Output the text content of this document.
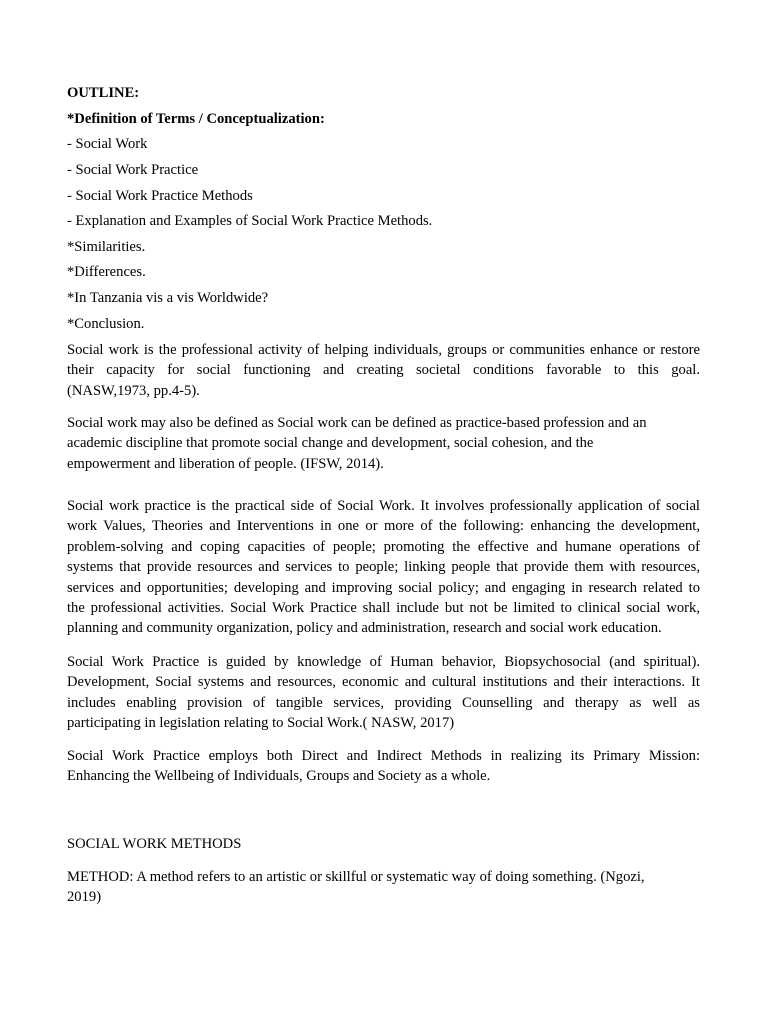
OUTLINE:
*Definition of Terms / Conceptualization:
- Social Work
- Social Work Practice
- Social Work Practice Methods
- Explanation and Examples of Social Work Practice Methods.
*Similarities.
*Differences.
*In Tanzania vis a vis Worldwide?
*Conclusion.
Social work is the professional activity of helping individuals, groups or communities enhance or restore
their capacity for social functioning and creating societal conditions favorable to this goal.
(NASW,1973, pp.4-5).
Social work may also be defined as Social work can be defined as practice-based profession and an
academic discipline that promote social change and development, social cohesion, and the
empowerment and liberation of people. (IFSW, 2014).
Social work practice is the practical side of Social Work. It involves professionally application of social
work Values, Theories and Interventions in one or more of the following: enhancing the development,
problem-solving and coping capacities of people; promoting the effective and humane operations of
systems that provide resources and services to people; linking people that provide them with resources,
services and opportunities; developing and improving social policy; and engaging in research related to
the professional activities. Social Work Practice shall include but not be limited to clinical social work,
planning and community organization, policy and administration, research and social work education.
Social Work Practice is guided by knowledge of Human behavior, Biopsychosocial (and spiritual).
Development, Social systems and resources, economic and cultural institutions and their interactions. It
includes enabling provision of tangible services, providing Counselling and therapy as well as
participating in legislation relating to Social Work.( NASW, 2017)
Social Work Practice employs both Direct and Indirect Methods in realizing its Primary Mission:
Enhancing the Wellbeing of Individuals, Groups and Society as a whole.
SOCIAL WORK METHODS
METHOD: A method refers to an artistic or skillful or systematic way of doing something. (Ngozi,
2019)
